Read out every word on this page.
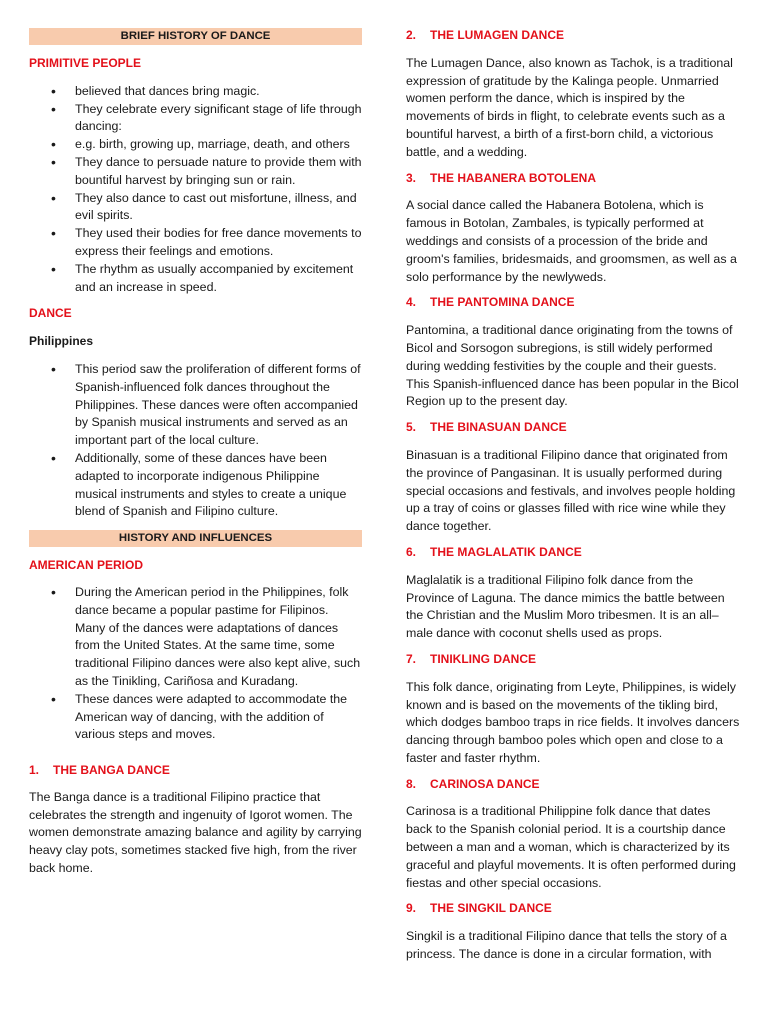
BRIEF HISTORY OF DANCE
PRIMITIVE PEOPLE
• believed that dances bring magic.
• They celebrate every significant stage of life through dancing:
• e.g. birth, growing up, marriage, death, and others
• They dance to persuade nature to provide them with bountiful harvest by bringing sun or rain.
• They also dance to cast out misfortune, illness, and evil spirits.
• They used their bodies for free dance movements to express their feelings and emotions.
• The rhythm as usually accompanied by excitement and an increase in speed.
DANCE
Philippines
• This period saw the proliferation of different forms of Spanish-influenced folk dances throughout the Philippines. These dances were often accompanied by Spanish musical instruments and served as an important part of the local culture.
• Additionally, some of these dances have been adapted to incorporate indigenous Philippine musical instruments and styles to create a unique blend of Spanish and Filipino culture.
HISTORY AND INFLUENCES
AMERICAN PERIOD
• During the American period in the Philippines, folk dance became a popular pastime for Filipinos. Many of the dances were adaptations of dances from the United States. At the same time, some traditional Filipino dances were also kept alive, such as the Tinikling, Cariñosa and Kuradang.
• These dances were adapted to accommodate the American way of dancing, with the addition of various steps and moves.
1. THE BANGA DANCE

The Banga dance is a traditional Filipino practice that celebrates the strength and ingenuity of Igorot women. The women demonstrate amazing balance and agility by carrying heavy clay pots, sometimes stacked five high, from the river back home.

2. THE LUMAGEN DANCE

The Lumagen Dance, also known as Tachok, is a traditional expression of gratitude by the Kalinga people. Unmarried women perform the dance, which is inspired by the movements of birds in flight, to celebrate events such as a bountiful harvest, a birth of a first-born child, a victorious battle, and a wedding.

3. THE HABANERA BOTOLENA

A social dance called the Habanera Botolena, which is famous in Botolan, Zambales, is typically performed at weddings and consists of a procession of the bride and groom's families, bridesmaids, and groomsmen, as well as a solo performance by the newlyweds.

4. THE PANTOMINA DANCE

Pantomina, a traditional dance originating from the towns of Bicol and Sorsogon subregions, is still widely performed during wedding festivities by the couple and their guests. This Spanish-influenced dance has been popular in the Bicol Region up to the present day.

5. THE BINASUAN DANCE

Binasuan is a traditional Filipino dance that originated from the province of Pangasinan. It is usually performed during special occasions and festivals, and involves people holding up a tray of coins or glasses filled with rice wine while they dance together.

6. THE MAGLALATIK DANCE

Maglalatik is a traditional Filipino folk dance from the Province of Laguna. The dance mimics the battle between the Christian and the Muslim Moro tribesmen. It is an all–male dance with coconut shells used as props.

7. TINIKLING DANCE

This folk dance, originating from Leyte, Philippines, is widely known and is based on the movements of the tikling bird, which dodges bamboo traps in rice fields. It involves dancers dancing through bamboo poles which open and close to a faster and faster rhythm.

8. CARINOSA DANCE

Carinosa is a traditional Philippine folk dance that dates back to the Spanish colonial period. It is a courtship dance between a man and a woman, which is characterized by its graceful and playful movements. It is often performed during fiestas and other special occasions.

9. THE SINGKIL DANCE

Singkil is a traditional Filipino dance that tells the story of a princess. The dance is done in a circular formation, with
